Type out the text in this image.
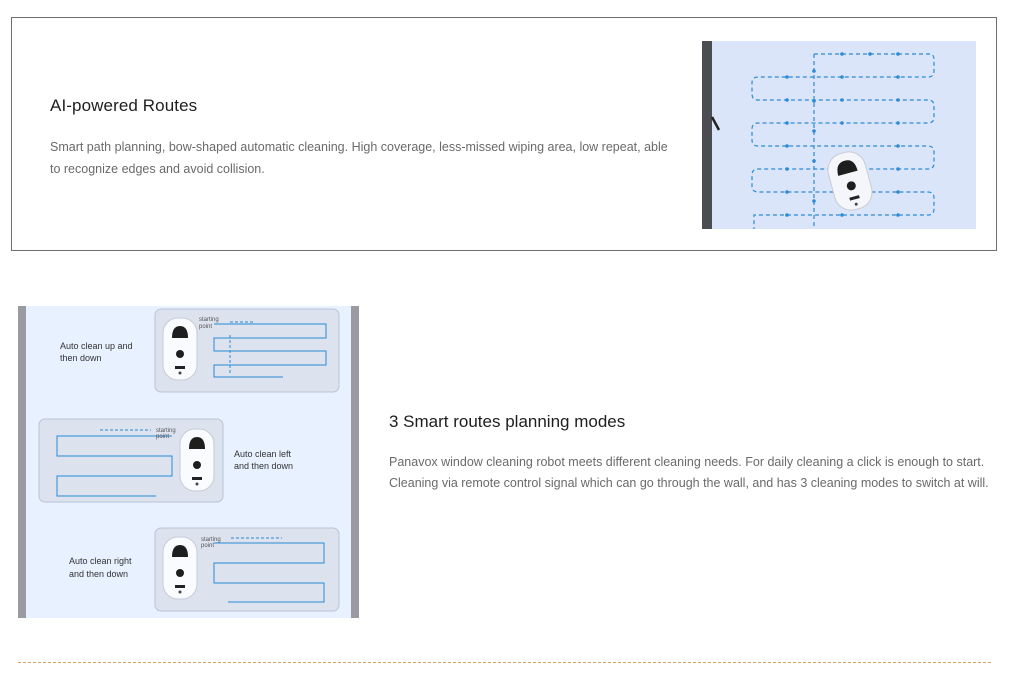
AI-powered Routes

Smart path planning, bow-shaped automatic cleaning. High coverage, less-missed wiping area, low repeat, able to recognize edges and avoid collision.

starting
point
Auto clean up and
then down
starting
point
Auto clean left
and then down
starting
point
Auto clean right
and then down
3 Smart routes planning modes

Panavox window cleaning robot meets different cleaning needs. For daily cleaning a click is enough to start. Cleaning via remote control signal which can go through the wall, and has 3 cleaning modes to switch at will.
